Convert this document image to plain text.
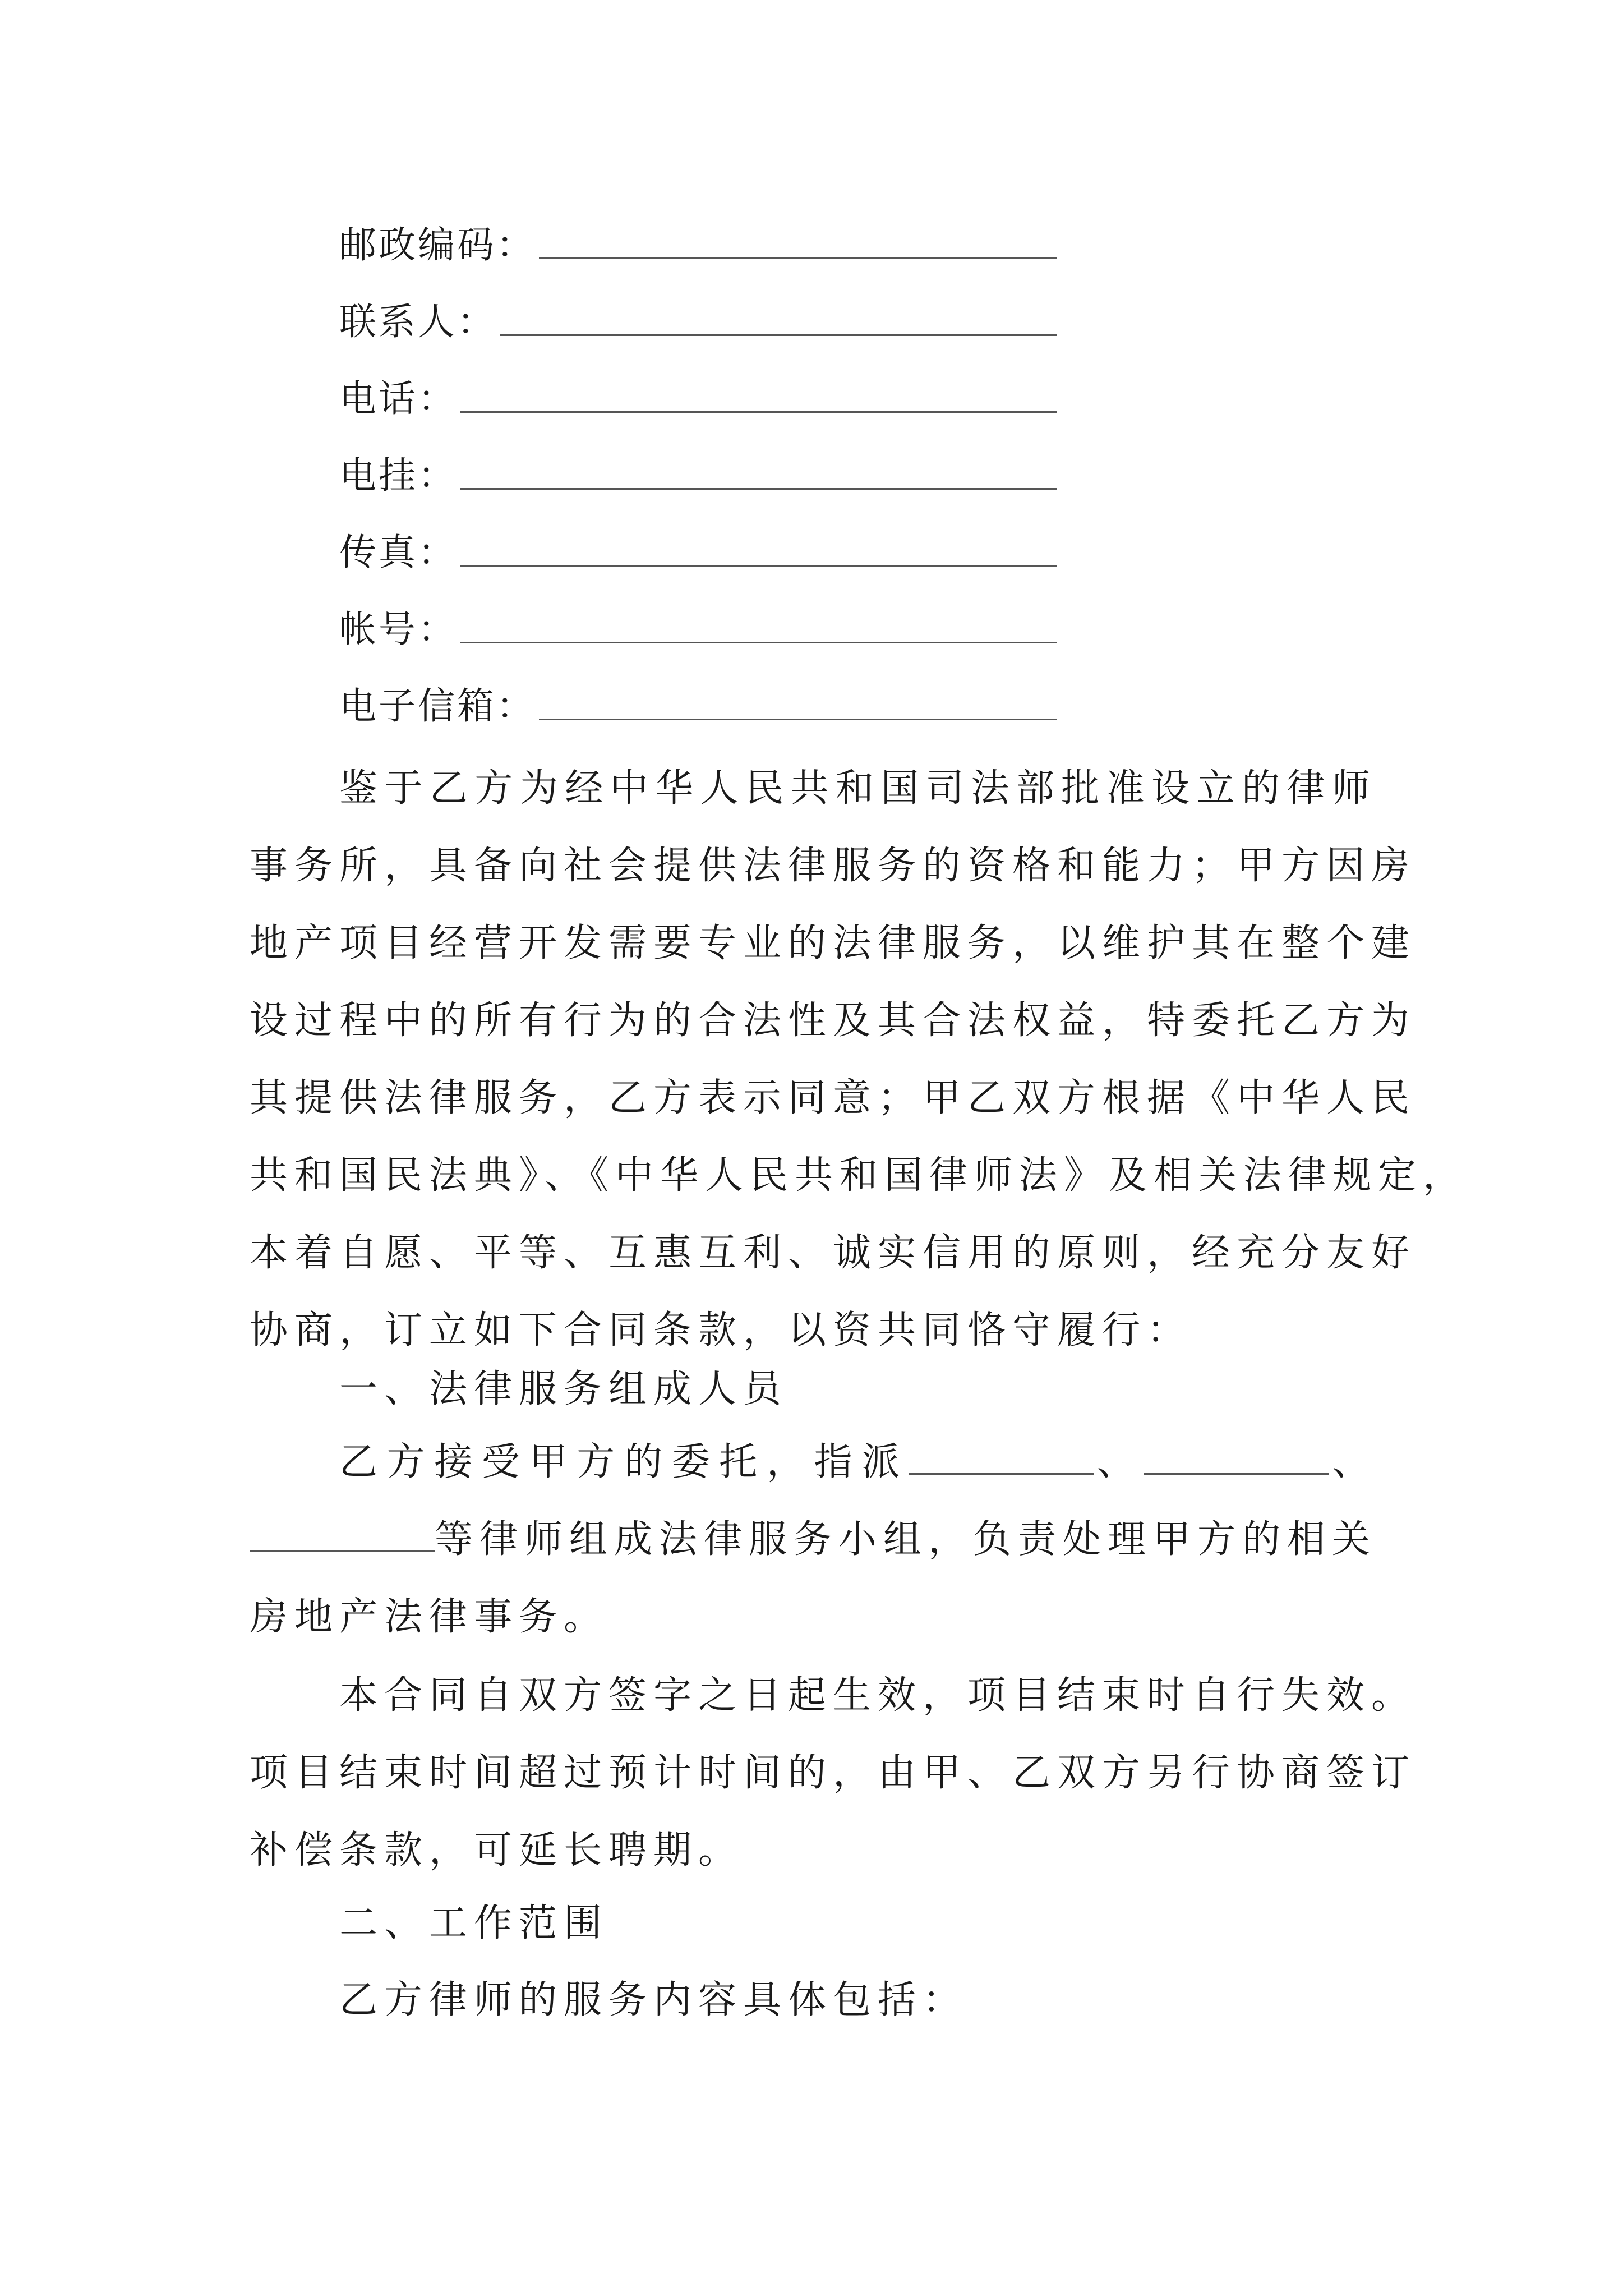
邮政编码：
联系人：
电话：
电挂：
传真：
帐号：
电子信箱：
鉴于乙方为经中华人民共和国司法部批准设立的律师
事务所，具备向社会提供法律服务的资格和能力；甲方因房
地产项目经营开发需要专业的法律服务，以维护其在整个建
设过程中的所有行为的合法性及其合法权益，特委托乙方为
其提供法律服务，乙方表示同意；甲乙双方根据《中华人民
共和国民法典》、《中华人民共和国律师法》及相关法律规定，
本着自愿、平等、互惠互利、诚实信用的原则，经充分友好
协商，订立如下合同条款，以资共同恪守履行：
一、法律服务组成人员
乙方接受甲方的委托，指派	、	、
等律师组成法律服务小组，负责处理甲方的相关
房地产法律事务。
本合同自双方签字之日起生效，项目结束时自行失效。
项目结束时间超过预计时间的，由甲、乙双方另行协商签订
补偿条款，可延长聘期。
二、工作范围
乙方律师的服务内容具体包括：
